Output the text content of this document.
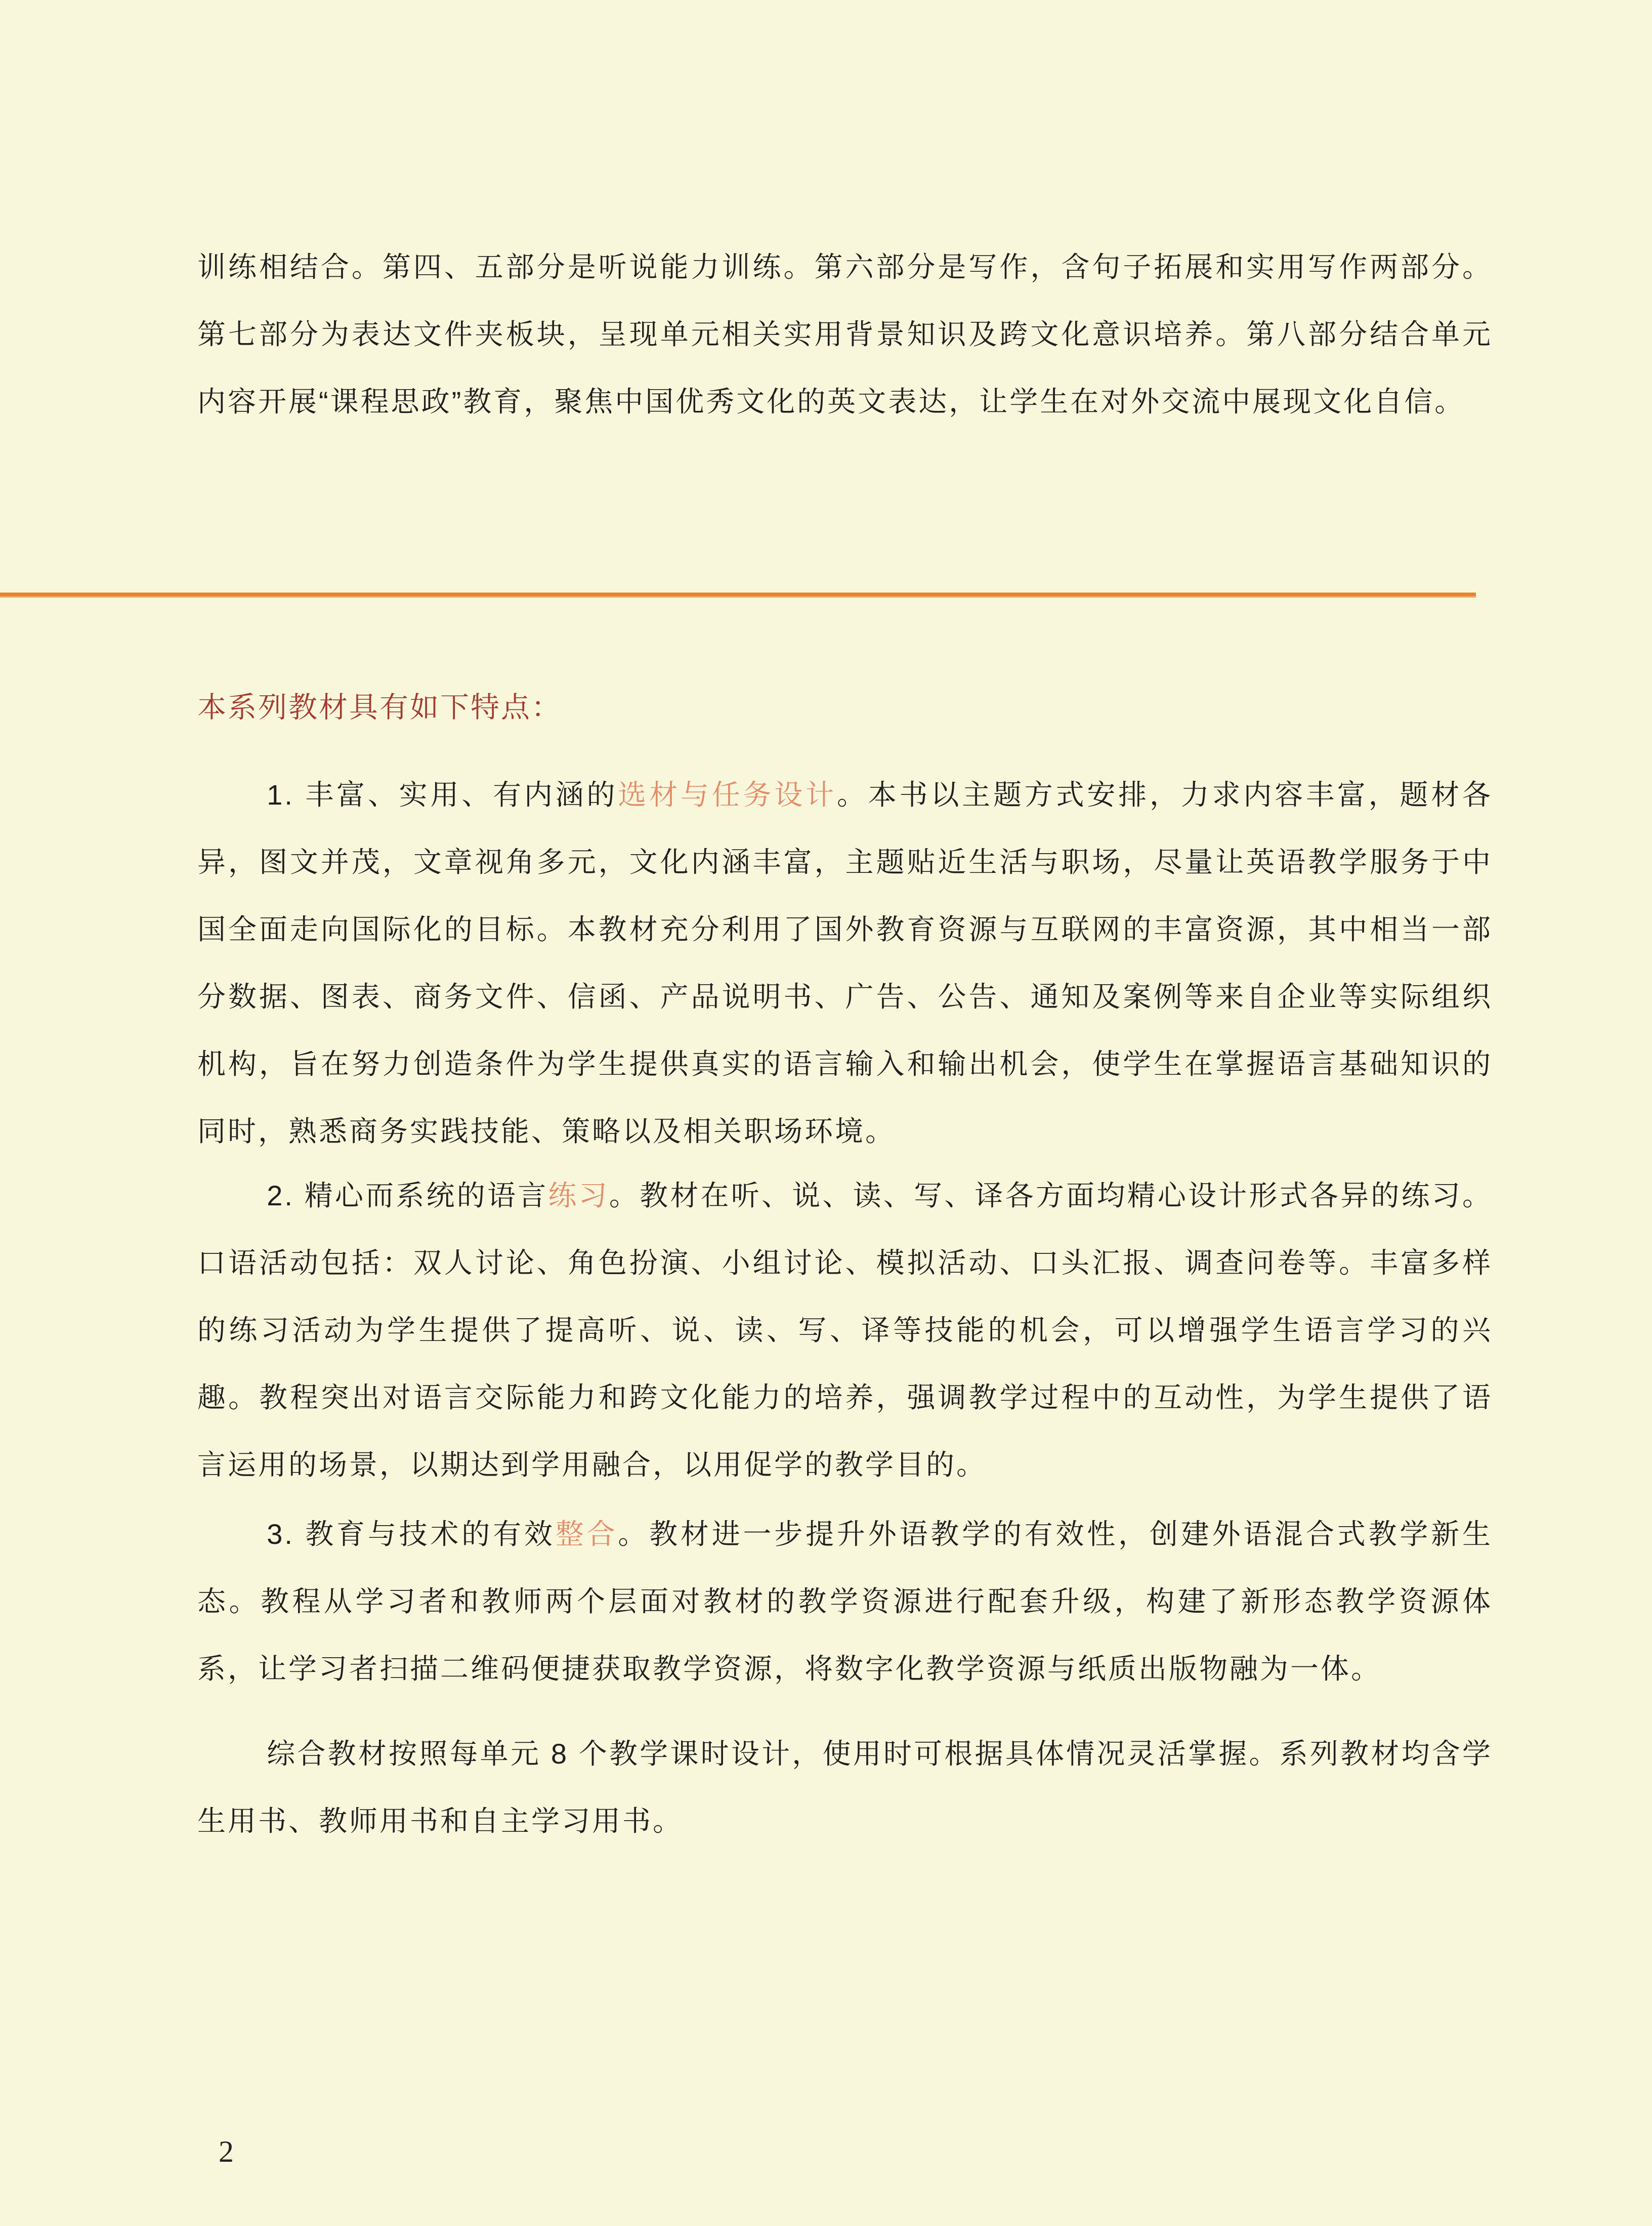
训练相结合。第四、五部分是听说能力训练。第六部分是写作，含句子拓展和实用写作两部分。第七部分为表达文件夹板块，呈现单元相关实用背景知识及跨文化意识培养。第八部分结合单元内容开展“课程思政”教育，聚焦中国优秀文化的英文表达，让学生在对外交流中展现文化自信。

本系列教材具有如下特点：

1. 丰富、实用、有内涵的选材与任务设计。本书以主题方式安排，力求内容丰富，题材各异，图文并茂，文章视角多元，文化内涵丰富，主题贴近生活与职场，尽量让英语教学服务于中国全面走向国际化的目标。本教材充分利用了国外教育资源与互联网的丰富资源，其中相当一部分数据、图表、商务文件、信函、产品说明书、广告、公告、通知及案例等来自企业等实际组织机构，旨在努力创造条件为学生提供真实的语言输入和输出机会，使学生在掌握语言基础知识的同时，熟悉商务实践技能、策略以及相关职场环境。

2. 精心而系统的语言练习。教材在听、说、读、写、译各方面均精心设计形式各异的练习。口语活动包括：双人讨论、角色扮演、小组讨论、模拟活动、口头汇报、调查问卷等。丰富多样的练习活动为学生提供了提高听、说、读、写、译等技能的机会，可以增强学生语言学习的兴趣。教程突出对语言交际能力和跨文化能力的培养，强调教学过程中的互动性，为学生提供了语言运用的场景，以期达到学用融合，以用促学的教学目的。

3. 教育与技术的有效整合。教材进一步提升外语教学的有效性，创建外语混合式教学新生态。教程从学习者和教师两个层面对教材的教学资源进行配套升级，构建了新形态教学资源体系，让学习者扫描二维码便捷获取教学资源，将数字化教学资源与纸质出版物融为一体。

综合教材按照每单元 8 个教学课时设计，使用时可根据具体情况灵活掌握。系列教材均含学生用书、教师用书和自主学习用书。

2
